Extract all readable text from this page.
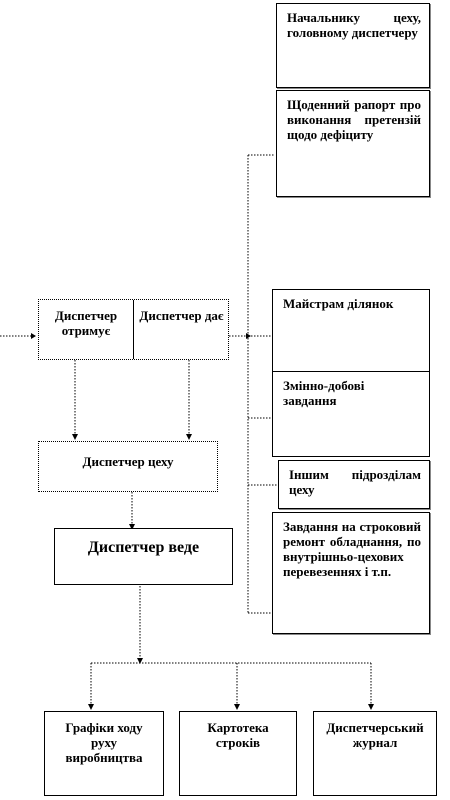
Начальнику цеху, головному диспетчеру
Щоденний рапорт про виконання претензій щодо дефіциту
Диспетчер отримує
Диспетчер дає
Майстрам ділянок
Змінно-добові завдання
Диспетчер цеху
Іншим підрозділам цеху
Диспетчер веде
Завдання на строковий ремонт обладнання, по внутрішньо-цехових перевезеннях і т.п.
Графіки ходу руху виробництва
Картотека строків
Диспетчерський журнал
